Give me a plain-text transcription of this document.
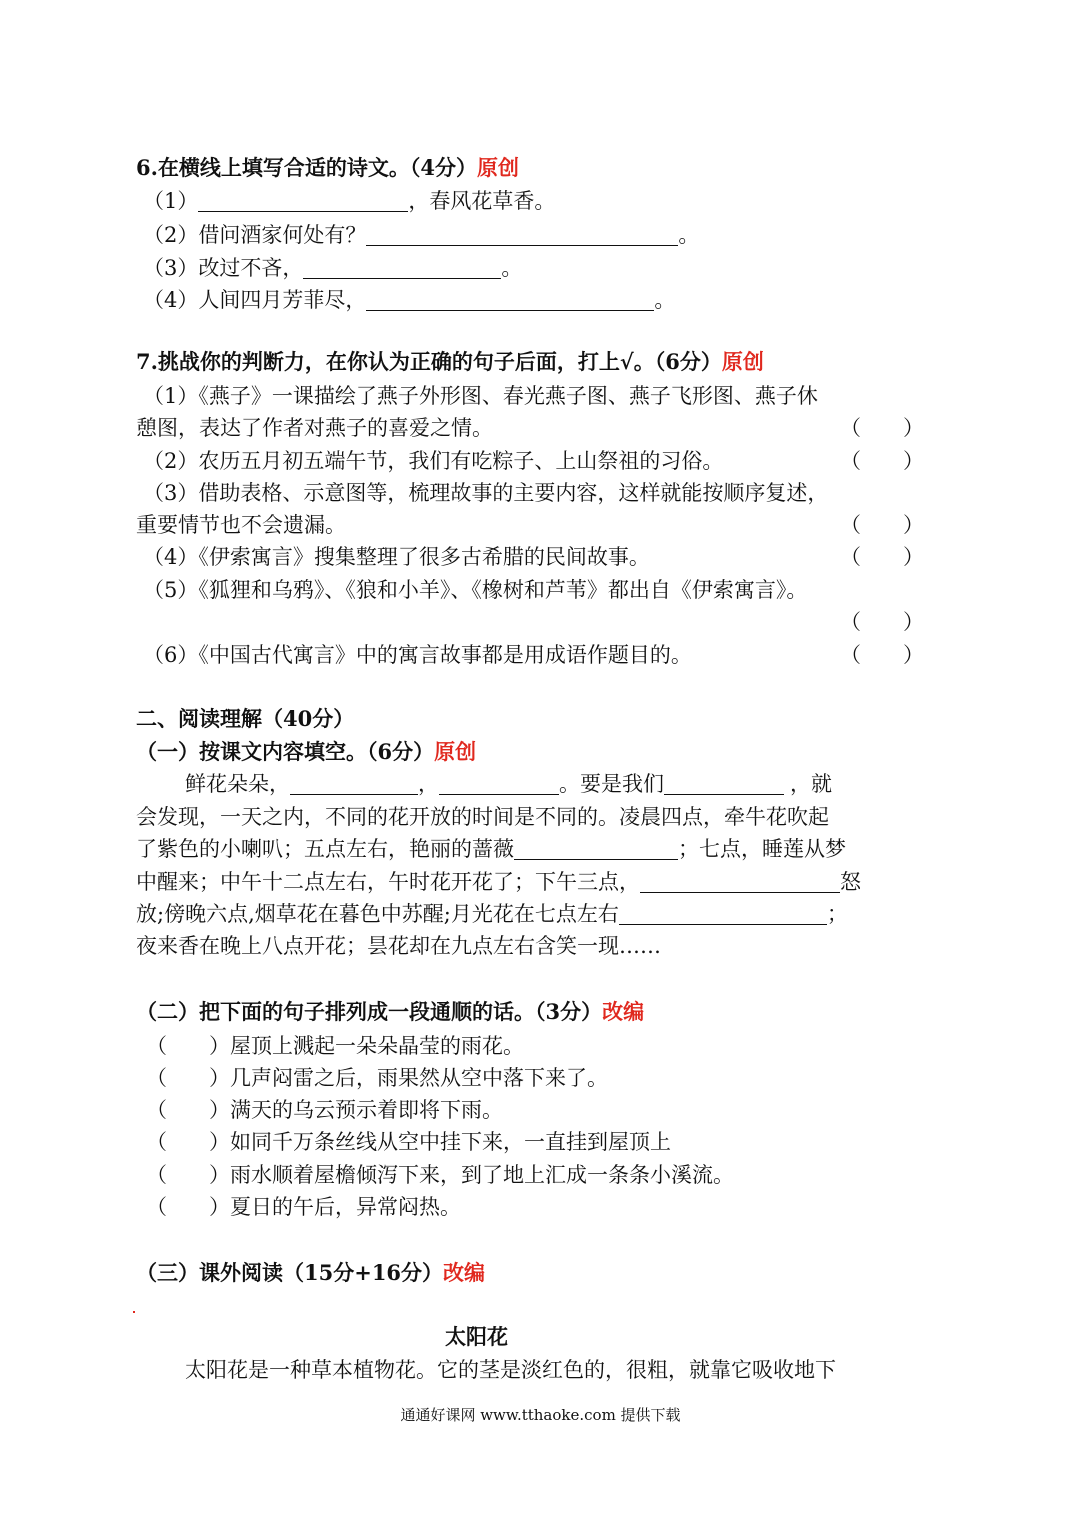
6.在横线上填写合适的诗文。（4分）原创
（1）	，春风花草香。
（2）借问酒家何处有？	。
（3）改过不吝，	。
（4）人间四月芳菲尽，	。
7.挑战你的判断力，在你认为正确的句子后面，打上√。（6分）原创
（1）《燕子》一课描绘了燕子外形图、春光燕子图、燕子飞形图、燕子休
憩图，表达了作者对燕子的喜爱之情。	（　　）
（2）农历五月初五端午节，我们有吃粽子、上山祭祖的习俗。	（　　）
（3）借助表格、示意图等，梳理故事的主要内容，这样就能按顺序复述，
重要情节也不会遗漏。	（　　）
（4）《伊索寓言》搜集整理了很多古希腊的民间故事。	（　　）
（5）《狐狸和乌鸦》、《狼和小羊》、《橡树和芦苇》都出自《伊索寓言》。
（　　）
（6）《中国古代寓言》中的寓言故事都是用成语作题目的。	（　　）
二、阅读理解（40分）
（一）按课文内容填空。（6分）原创
鲜花朵朵，	，	。要是我们	，就
会发现，一天之内，不同的花开放的时间是不同的。凌晨四点，牵牛花吹起
了紫色的小喇叭；五点左右，艳丽的蔷薇	；七点，睡莲从梦
中醒来；中午十二点左右，午时花开花了；下午三点，	怒
放;傍晚六点,烟草花在暮色中苏醒;月光花在七点左右	；
夜来香在晚上八点开花；昙花却在九点左右含笑一现……
（二）把下面的句子排列成一段通顺的话。（3分）改编
（　　）屋顶上溅起一朵朵晶莹的雨花。
（　　）几声闷雷之后，雨果然从空中落下来了。
（　　）满天的乌云预示着即将下雨。
（　　）如同千万条丝线从空中挂下来，一直挂到屋顶上
（　　）雨水顺着屋檐倾泻下来，到了地上汇成一条条小溪流。
（　　）夏日的午后，异常闷热。
（三）课外阅读（15分+16分）改编
太阳花
太阳花是一种草本植物花。它的茎是淡红色的，很粗，就靠它吸收地下
通通好课网 www.tthaoke.com 提供下载
